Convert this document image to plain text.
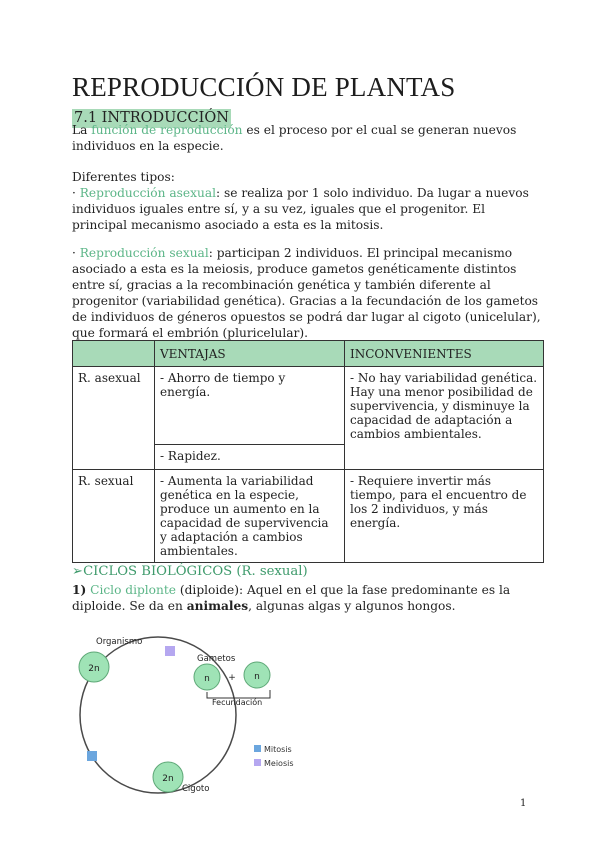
REPRODUCCIÓN DE PLANTAS
7.1 INTRODUCCIÓN

La función de reproducción es el proceso por el cual se generan nuevos individuos en la especie.

Diferentes tipos:

· Reproducción asexual: se realiza por 1 solo individuo. Da lugar a nuevos individuos iguales entre sí, y a su vez, iguales que el progenitor. El principal mecanismo asociado a esta es la mitosis.

· Reproducción sexual: participan 2 individuos. El principal mecanismo asociado a esta es la meiosis, produce gametos genéticamente distintos entre sí, gracias a la recombinación genética y también diferente al progenitor (variabilidad genética). Gracias a la fecundación de los gametos de individuos de géneros opuestos se podrá dar lugar al cigoto (unicelular), que formará el embrión (pluricelular).

	VENTAJAS	INCONVENIENTES
R. asexual	- Ahorro de tiempo y energía.	- No hay variabilidad genética. Hay una menor posibilidad de supervivencia, y disminuye la capacidad de adaptación a cambios ambientales.
	- Rapidez.	
R. sexual	- Aumenta la variabilidad genética en la especie, produce un aumento en la capacidad de supervivencia y adaptación a cambios ambientales.	- Requiere invertir más tiempo, para el encuentro de los 2 individuos, y más energía.
➢CICLOS BIOLÓGICOS (R. sexual)

1) Ciclo diplonte (diploide): Aquel en el que la fase predominante es la diploide. Se da en animales, algunas algas y algunos hongos.

2n
Organismo
Gametos
n + n
Fecundación
2n
Cigoto
Mitosis
Meiosis
1
